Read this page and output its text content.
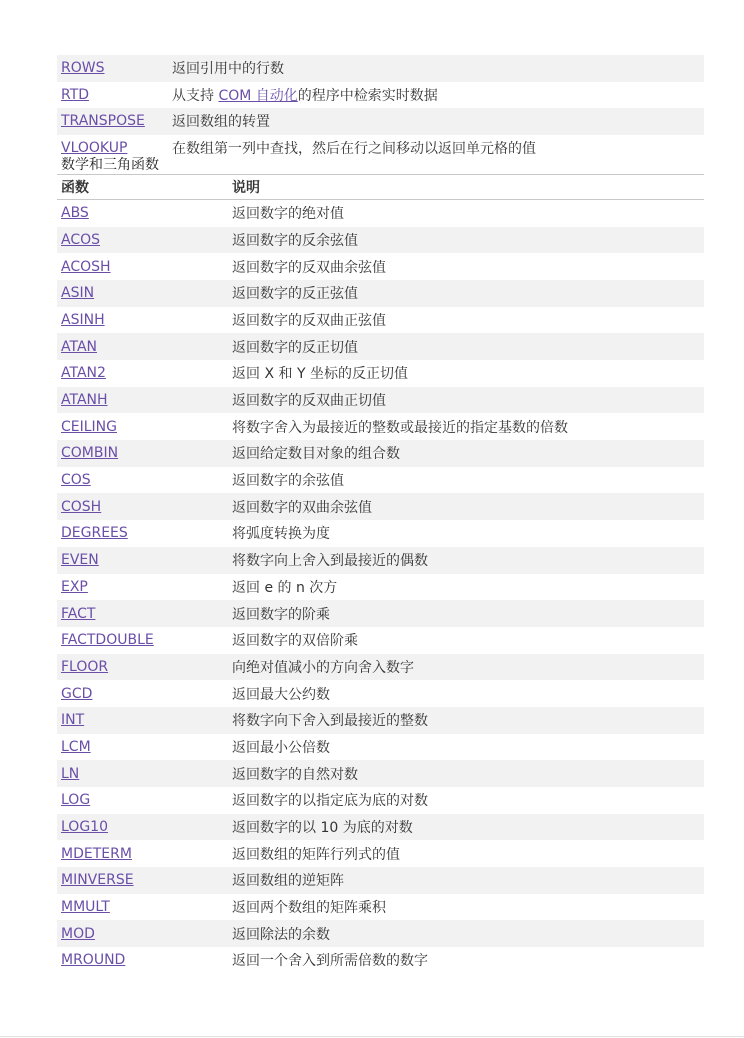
ROWS	返回引用中的行数
RTD	从支持 COM 自动化的程序中检索实时数据
TRANSPOSE	返回数组的转置
VLOOKUP	在数组第一列中查找，然后在行之间移动以返回单元格的值
数学和三角函数
函数	说明
ABS	返回数字的绝对值
ACOS	返回数字的反余弦值
ACOSH	返回数字的反双曲余弦值
ASIN	返回数字的反正弦值
ASINH	返回数字的反双曲正弦值
ATAN	返回数字的反正切值
ATAN2	返回 X 和 Y 坐标的反正切值
ATANH	返回数字的反双曲正切值
CEILING	将数字舍入为最接近的整数或最接近的指定基数的倍数
COMBIN	返回给定数目对象的组合数
COS	返回数字的余弦值
COSH	返回数字的双曲余弦值
DEGREES	将弧度转换为度
EVEN	将数字向上舍入到最接近的偶数
EXP	返回 e 的 n 次方
FACT	返回数字的阶乘
FACTDOUBLE	返回数字的双倍阶乘
FLOOR	向绝对值减小的方向舍入数字
GCD	返回最大公约数
INT	将数字向下舍入到最接近的整数
LCM	返回最小公倍数
LN	返回数字的自然对数
LOG	返回数字的以指定底为底的对数
LOG10	返回数字的以 10 为底的对数
MDETERM	返回数组的矩阵行列式的值
MINVERSE	返回数组的逆矩阵
MMULT	返回两个数组的矩阵乘积
MOD	返回除法的余数
MROUND	返回一个舍入到所需倍数的数字
